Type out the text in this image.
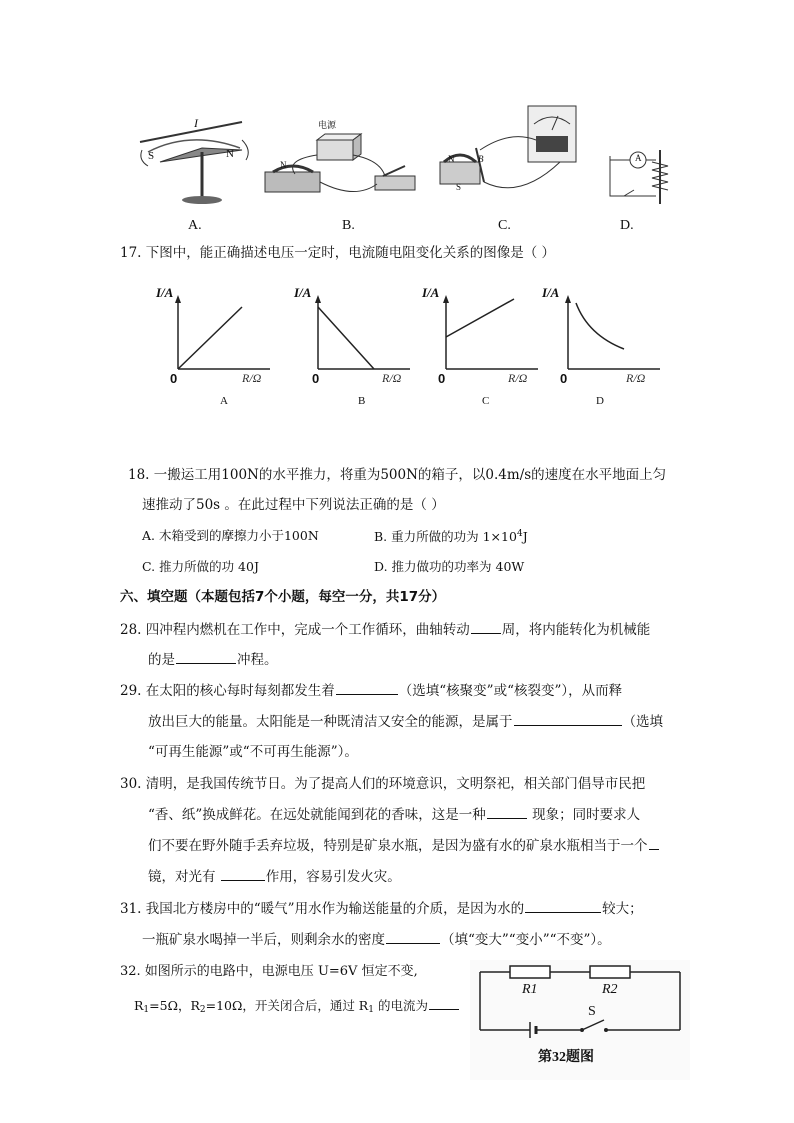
I
S	N
A.
电源
N
B.
N	B
S
C.
A
D.
17. 下图中，能正确描述电压一定时，电流随电阻变化关系的图像是（ ）
I/A
0	R/Ω
A
I/A
0	R/Ω
B
I/A
0	R/Ω
C
I/A
0	R/Ω
D
18. 一搬运工用100N的水平推力，将重为500N的箱子，以0.4m/s的速度在水平地面上匀
速推动了50s 。在此过程中下列说法正确的是（ ）
A. 木箱受到的摩擦力小于100N	B. 重力所做的功为 $1\times 10^4J$
C. 推力所做的功 40J	D. 推力做功的功率为 40W
六、填空题（本题包括7个小题，每空一分，共17分）
28. 四冲程内燃机在工作中，完成一个工作循环，曲轴转动 周，将内能转化为机械能
的是	冲程。
29. 在太阳的核心每时每刻都发生着	（选填“核聚变”或“核裂变”），从而释
放出巨大的能量。太阳能是一种既清洁又安全的能源，是属于	（选填
“可再生能源”或“不可再生能源”）。
30. 清明，是我国传统节日。为了提高人们的环境意识，文明祭祀，相关部门倡导市民把
“香、纸”换成鲜花。在远处就能闻到花的香味，这是一种	现象；同时要求人
们不要在野外随手丢弃垃圾，特别是矿泉水瓶，是因为盛有水的矿泉水瓶相当于一个
镜，对光有	作用，容易引发火灾。
31. 我国北方楼房中的“暖气”用水作为输送能量的介质，是因为水的	较大；
一瓶矿泉水喝掉一半后，则剩余水的密度	（填“变大”“变小”“不变”）。
32. 如图所示的电路中，电源电压 U=6V 恒定不变,
$R_1=5\Omega$，$R_2=10\Omega$，开关闭合后，通过 $R_1$ 的电流为
R1	R2
S
第32题图
